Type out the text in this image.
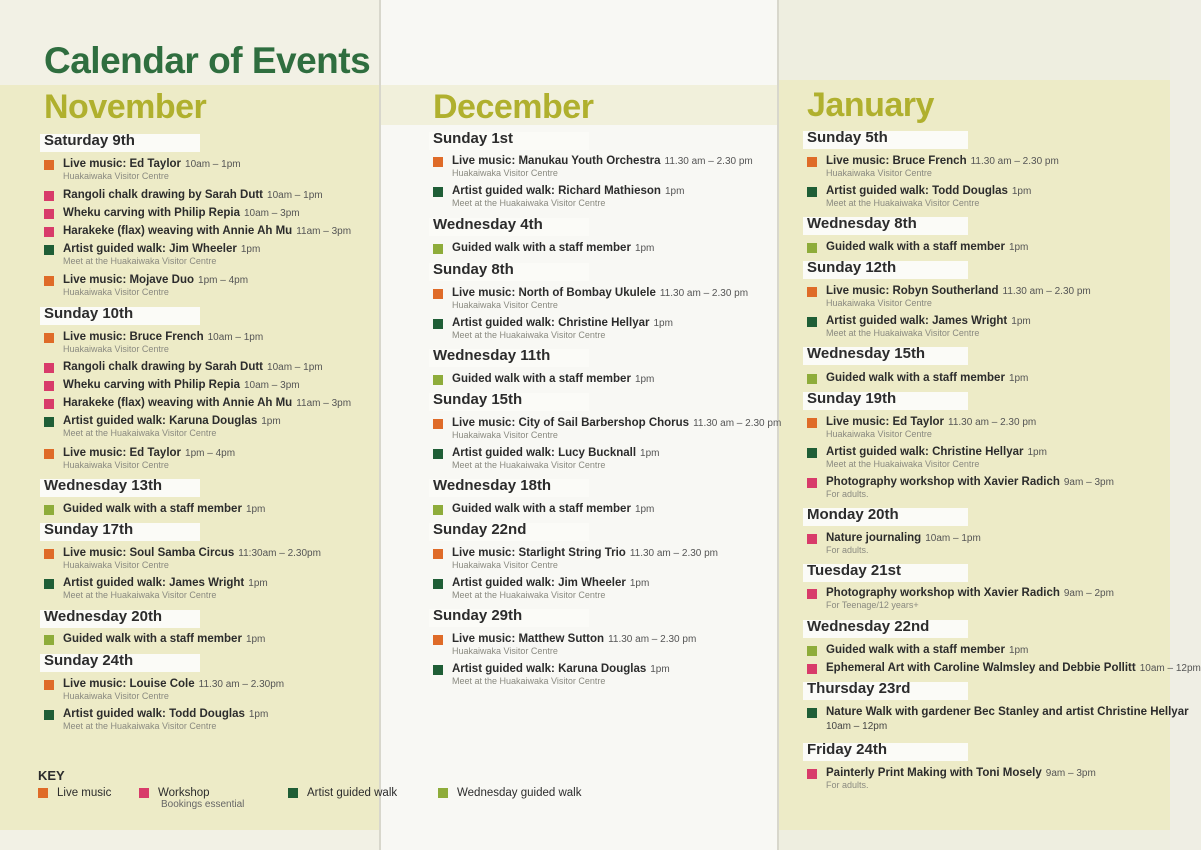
Calendar of Events
November
Saturday 9th
Live music: Ed Taylor 10am – 1pm
Huakaiwaka Visitor Centre
Rangoli chalk drawing by Sarah Dutt 10am – 1pm
Wheku carving with Philip Repia 10am – 3pm
Harakeke (flax) weaving with Annie Ah Mu 11am – 3pm
Artist guided walk: Jim Wheeler 1pm
Meet at the Huakaiwaka Visitor Centre
Live music: Mojave Duo 1pm – 4pm
Huakaiwaka Visitor Centre
Sunday 10th
Live music: Bruce French 10am – 1pm
Huakaiwaka Visitor Centre
Rangoli chalk drawing by Sarah Dutt 10am – 1pm
Wheku carving with Philip Repia 10am – 3pm
Harakeke (flax) weaving with Annie Ah Mu 11am – 3pm
Artist guided walk: Karuna Douglas 1pm
Meet at the Huakaiwaka Visitor Centre
Live music: Ed Taylor 1pm – 4pm
Huakaiwaka Visitor Centre
Wednesday 13th
Guided walk with a staff member 1pm
Sunday 17th
Live music: Soul Samba Circus 11:30am – 2.30pm
Huakaiwaka Visitor Centre
Artist guided walk: James Wright 1pm
Meet at the Huakaiwaka Visitor Centre
Wednesday 20th
Guided walk with a staff member 1pm
Sunday 24th
Live music: Louise Cole 11.30 am – 2.30pm
Huakaiwaka Visitor Centre
Artist guided walk: Todd Douglas 1pm
Meet at the Huakaiwaka Visitor Centre
December
Sunday 1st
Live music: Manukau Youth Orchestra 11.30 am – 2.30 pm
Huakaiwaka Visitor Centre
Artist guided walk: Richard Mathieson 1pm
Meet at the Huakaiwaka Visitor Centre
Wednesday 4th
Guided walk with a staff member 1pm
Sunday 8th
Live music: North of Bombay Ukulele 11.30 am – 2.30 pm
Huakaiwaka Visitor Centre
Artist guided walk: Christine Hellyar 1pm
Meet at the Huakaiwaka Visitor Centre
Wednesday 11th
Guided walk with a staff member 1pm
Sunday 15th
Live music: City of Sail Barbershop Chorus 11.30 am – 2.30 pm
Huakaiwaka Visitor Centre
Artist guided walk: Lucy Bucknall 1pm
Meet at the Huakaiwaka Visitor Centre
Wednesday 18th
Guided walk with a staff member 1pm
Sunday 22nd
Live music: Starlight String Trio 11.30 am – 2.30 pm
Huakaiwaka Visitor Centre
Artist guided walk: Jim Wheeler 1pm
Meet at the Huakaiwaka Visitor Centre
Sunday 29th
Live music: Matthew Sutton 11.30 am – 2.30 pm
Huakaiwaka Visitor Centre
Artist guided walk: Karuna Douglas 1pm
Meet at the Huakaiwaka Visitor Centre
January
Sunday 5th
Live music: Bruce French 11.30 am – 2.30 pm
Huakaiwaka Visitor Centre
Artist guided walk: Todd Douglas 1pm
Meet at the Huakaiwaka Visitor Centre
Wednesday 8th
Guided walk with a staff member 1pm
Sunday 12th
Live music: Robyn Southerland 11.30 am – 2.30 pm
Huakaiwaka Visitor Centre
Artist guided walk: James Wright 1pm
Meet at the Huakaiwaka Visitor Centre
Wednesday 15th
Guided walk with a staff member 1pm
Sunday 19th
Live music: Ed Taylor 11.30 am – 2.30 pm
Huakaiwaka Visitor Centre
Artist guided walk: Christine Hellyar 1pm
Meet at the Huakaiwaka Visitor Centre
Photography workshop with Xavier Radich 9am – 3pm
For adults.
Monday 20th
Nature journaling 10am – 1pm
For adults.
Tuesday 21st
Photography workshop with Xavier Radich 9am – 2pm
For Teenage/12 years+
Wednesday 22nd
Guided walk with a staff member 1pm
Ephemeral Art with Caroline Walmsley and Debbie Pollitt 10am – 12pm
Thursday 23rd
Nature Walk with gardener Bec Stanley and artist Christine Hellyar
10am – 12pm
Friday 24th
Painterly Print Making with Toni Mosely 9am – 3pm
For adults.
KEY
Live music	Workshop
Bookings essential
Artist guided walk	Wednesday guided walk
